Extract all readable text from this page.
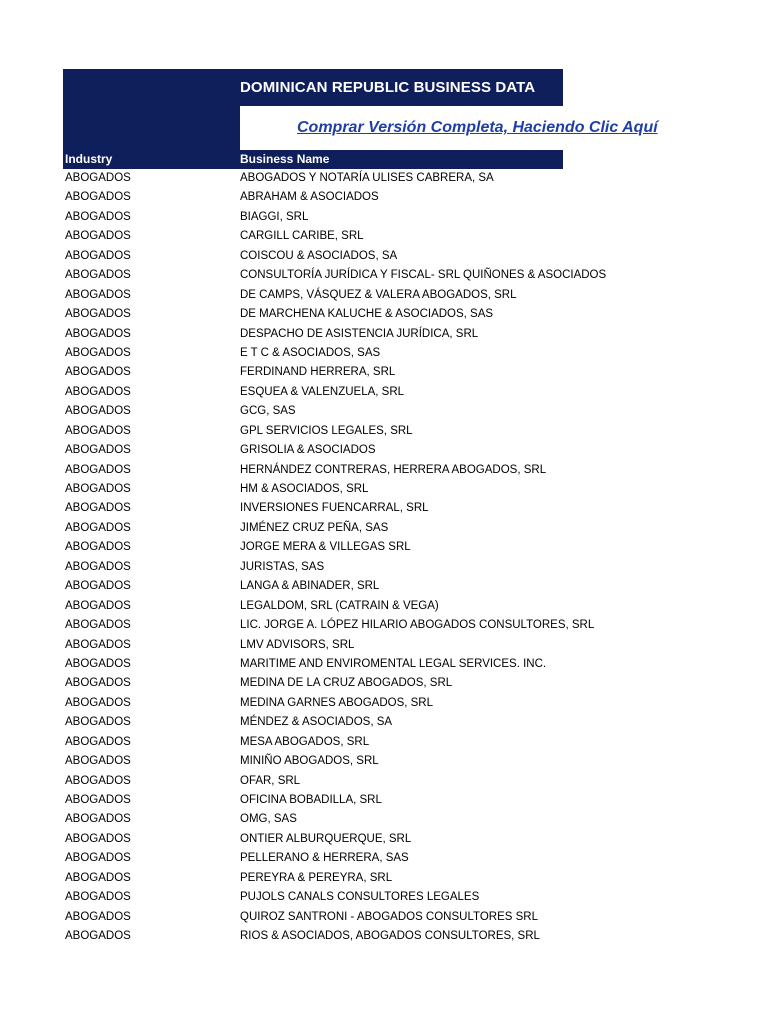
DOMINICAN REPUBLIC BUSINESS DATA
Comprar Versión Completa, Haciendo Clic Aquí
Industry	Business Name
ABOGADOS	ABOGADOS Y NOTARÍA ULISES CABRERA, SA
ABOGADOS	ABRAHAM & ASOCIADOS
ABOGADOS	BIAGGI, SRL
ABOGADOS	CARGILL CARIBE, SRL
ABOGADOS	COISCOU & ASOCIADOS, SA
ABOGADOS	CONSULTORÍA JURÍDICA Y FISCAL- SRL QUIÑONES & ASOCIADOS
ABOGADOS	DE CAMPS, VÁSQUEZ & VALERA ABOGADOS, SRL
ABOGADOS	DE MARCHENA KALUCHE & ASOCIADOS, SAS
ABOGADOS	DESPACHO DE ASISTENCIA JURÍDICA, SRL
ABOGADOS	E T C & ASOCIADOS, SAS
ABOGADOS	FERDINAND HERRERA, SRL
ABOGADOS	ESQUEA & VALENZUELA, SRL
ABOGADOS	GCG, SAS
ABOGADOS	GPL SERVICIOS LEGALES, SRL
ABOGADOS	GRISOLIA & ASOCIADOS
ABOGADOS	HERNÁNDEZ CONTRERAS, HERRERA ABOGADOS, SRL
ABOGADOS	HM & ASOCIADOS, SRL
ABOGADOS	INVERSIONES FUENCARRAL, SRL
ABOGADOS	JIMÉNEZ CRUZ PEÑA, SAS
ABOGADOS	JORGE MERA & VILLEGAS SRL
ABOGADOS	JURISTAS, SAS
ABOGADOS	LANGA & ABINADER, SRL
ABOGADOS	LEGALDOM, SRL (CATRAIN & VEGA)
ABOGADOS	LIC. JORGE A. LÓPEZ HILARIO ABOGADOS CONSULTORES, SRL
ABOGADOS	LMV ADVISORS, SRL
ABOGADOS	MARITIME AND ENVIROMENTAL LEGAL SERVICES. INC.
ABOGADOS	MEDINA DE LA CRUZ ABOGADOS, SRL
ABOGADOS	MEDINA GARNES ABOGADOS, SRL
ABOGADOS	MÉNDEZ & ASOCIADOS, SA
ABOGADOS	MESA ABOGADOS, SRL
ABOGADOS	MINIÑO ABOGADOS, SRL
ABOGADOS	OFAR, SRL
ABOGADOS	OFICINA BOBADILLA, SRL
ABOGADOS	OMG, SAS
ABOGADOS	ONTIER ALBURQUERQUE, SRL
ABOGADOS	PELLERANO & HERRERA, SAS
ABOGADOS	PEREYRA & PEREYRA, SRL
ABOGADOS	PUJOLS CANALS CONSULTORES LEGALES
ABOGADOS	QUIROZ SANTRONI - ABOGADOS CONSULTORES SRL
ABOGADOS	RIOS & ASOCIADOS, ABOGADOS CONSULTORES, SRL
